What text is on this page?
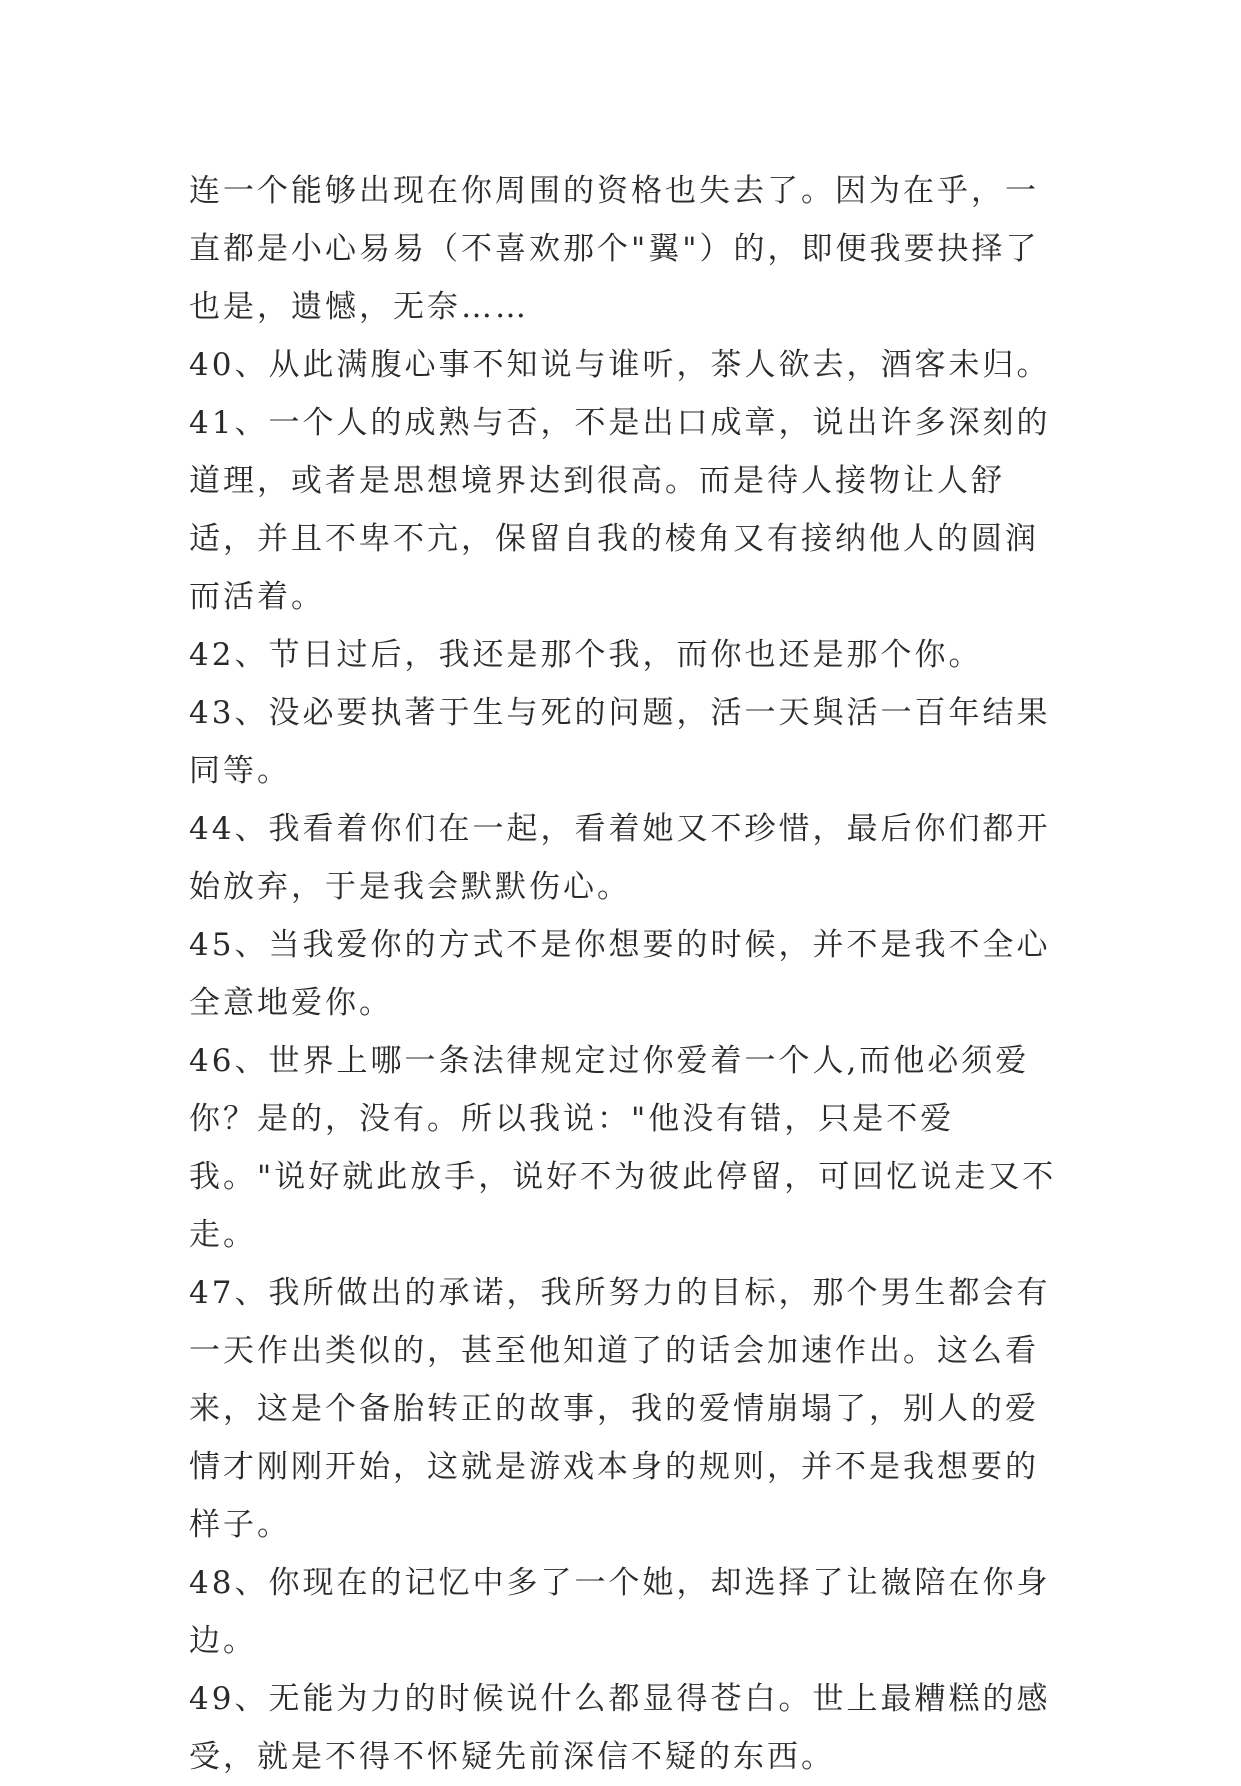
连一个能够出现在你周围的资格也失去了。因为在乎，一直都是小心易易（不喜欢那个"翼"）的，即便我要抉择了也是，遗憾，无奈……

40、从此满腹心事不知说与谁听，茶人欲去，酒客未归。

41、一个人的成熟与否，不是出口成章，说出许多深刻的道理，或者是思想境界达到很高。而是待人接物让人舒适，并且不卑不亢，保留自我的棱角又有接纳他人的圆润而活着。

42、节日过后，我还是那个我，而你也还是那个你。

43、没必要执著于生与死的问题，活一天與活一百年结果同等。

44、我看着你们在一起，看着她又不珍惜，最后你们都开始放弃，于是我会默默伤心。

45、当我爱你的方式不是你想要的时候，并不是我不全心全意地爱你。

46、世界上哪一条法律规定过你爱着一个人,而他必须爱你？是的，没有。所以我说："他没有错，只是不爱我。"说好就此放手，说好不为彼此停留，可回忆说走又不走。

47、我所做出的承诺，我所努力的目标，那个男生都会有一天作出类似的，甚至他知道了的话会加速作出。这么看来，这是个备胎转正的故事，我的爱情崩塌了，别人的爱情才刚刚开始，这就是游戏本身的规则，并不是我想要的样子。

48、你现在的记忆中多了一个她，却选择了让嶶陪在你身边。

49、无能为力的时候说什么都显得苍白。世上最糟糕的感受，就是不得不怀疑先前深信不疑的东西。
